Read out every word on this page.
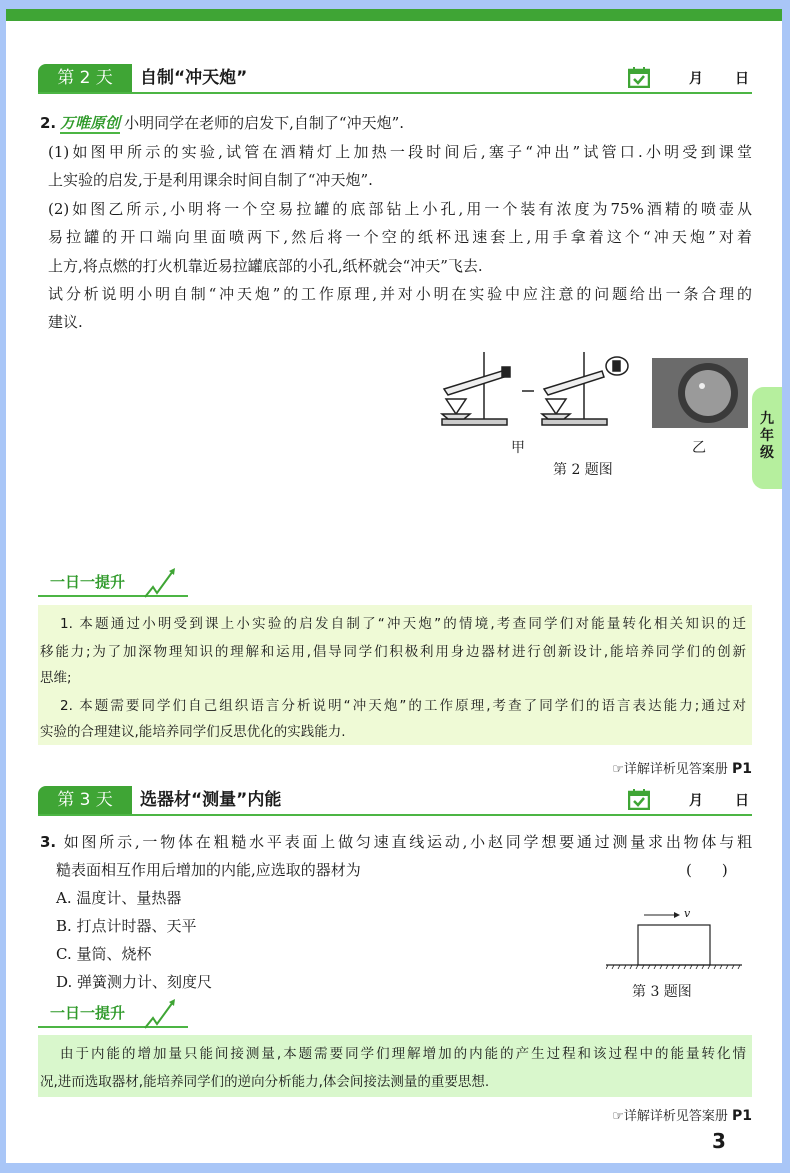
第 2 天	自制“冲天炮”	月 日
2. 万唯原创 小明同学在老师的启发下,自制了“冲天炮”.
(1)如图甲所示的实验,试管在酒精灯上加热一段时间后,塞子“冲出”试管口.小明受到课堂
上实验的启发,于是利用课余时间自制了“冲天炮”.
(2)如图乙所示,小明将一个空易拉罐的底部钻上小孔,用一个装有浓度为75%酒精的喷壶从
易拉罐的开口端向里面喷两下,然后将一个空的纸杯迅速套上,用手拿着这个“冲天炮”对着
上方,将点燃的打火机靠近易拉罐底部的小孔,纸杯就会“冲天”飞去.
试分析说明小明自制“冲天炮”的工作原理,并对小明在实验中应注意的问题给出一条合理的
建议.
甲	乙
第 2 题图
九
年
级
一日一提升
1. 本题通过小明受到课上小实验的启发自制了“冲天炮”的情境,考查同学们对能量转化相关知识的迁
移能力;为了加深物理知识的理解和运用,倡导同学们积极利用身边器材进行创新设计,能培养同学们的创新
思维;
2. 本题需要同学们自己组织语言分析说明“冲天炮”的工作原理,考查了同学们的语言表达能力;通过对
实验的合理建议,能培养同学们反思优化的实践能力.
☞详解详析见答案册 P1
第 3 天	选器材“测量”内能	月 日
3. 如图所示,一物体在粗糙水平表面上做匀速直线运动,小赵同学想要通过测量求出物体与粗
糙表面相互作用后增加的内能,应选取的器材为	(　　)
A. 温度计、量热器
B. 打点计时器、天平
C. 量筒、烧杯
D. 弹簧测力计、刻度尺
v
第 3 题图
一日一提升
由于内能的增加量只能间接测量,本题需要同学们理解增加的内能的产生过程和该过程中的能量转化情
况,进而选取器材,能培养同学们的逆向分析能力,体会间接法测量的重要思想.
☞详解详析见答案册 P1
3
